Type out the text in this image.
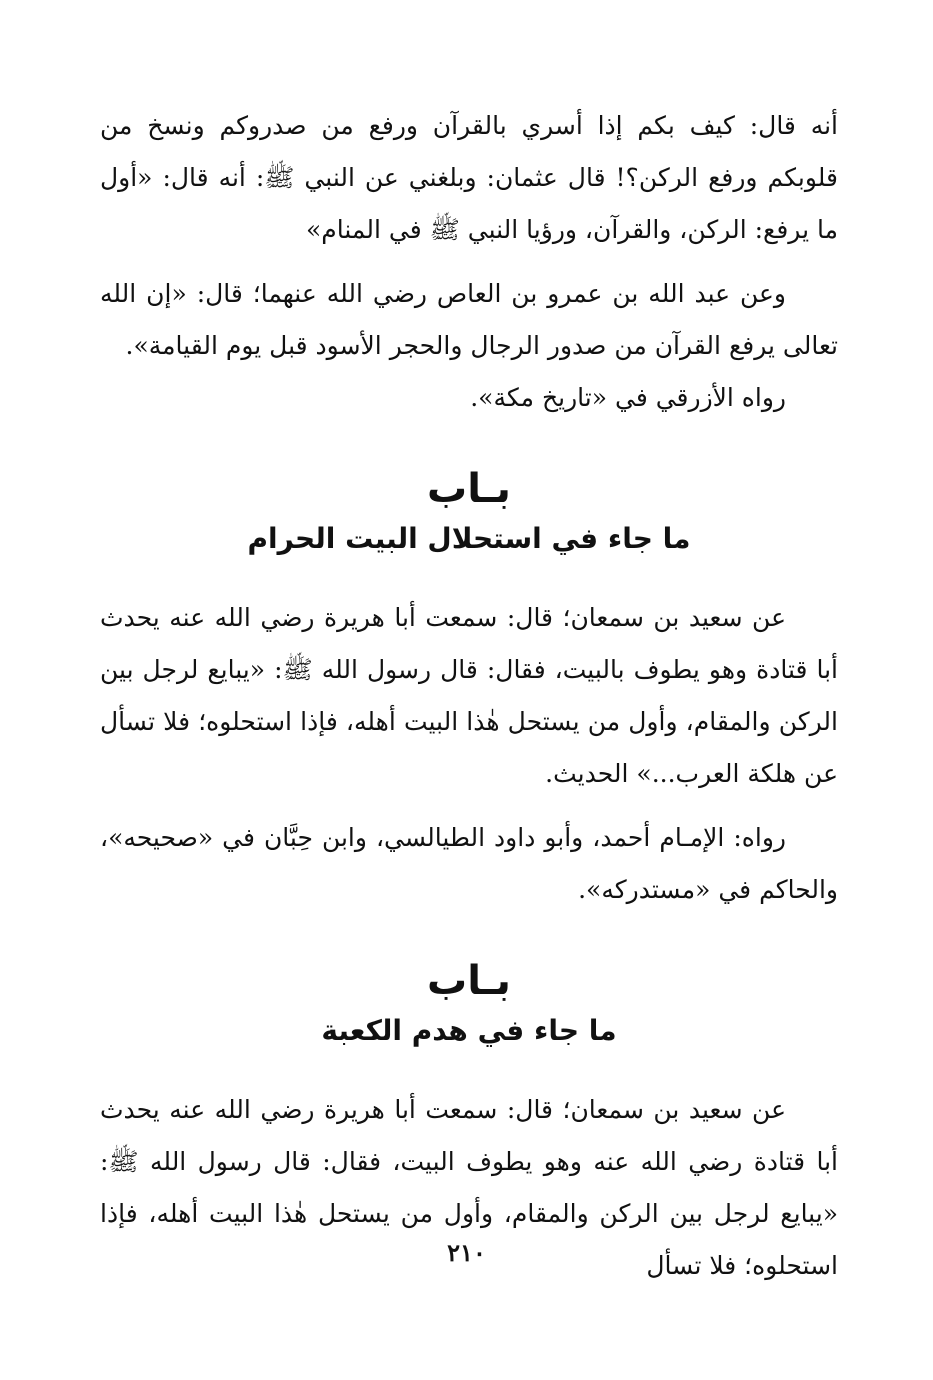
أنه قال: كيف بكم إذا أسري بالقرآن ورفع من صدروكم ونسخ من قلوبكم ورفع الركن؟! قال عثمان: وبلغني عن النبي ﷺ: أنه قال: «أول ما يرفع: الركن، والقرآن، ورؤيا النبي ﷺ في المنام»

وعن عبد الله بن عمرو بن العاص رضي الله عنهما؛ قال: «إن الله تعالى يرفع القرآن من صدور الرجال والحجر الأسود قبل يوم القيامة».

رواه الأزرقي في «تاريخ مكة».

بـاب
ما جاء في استحلال البيت الحرام

عن سعيد بن سمعان؛ قال: سمعت أبا هريرة رضي الله عنه يحدث أبا قتادة وهو يطوف بالبيت، فقال: قال رسول الله ﷺ: «يبايع لرجل بين الركن والمقام، وأول من يستحل هٰذا البيت أهله، فإذا استحلوه؛ فلا تسأل عن هلكة العرب...» الحديث.

رواه: الإمـام أحمد، وأبو داود الطيالسي، وابن حِبَّان في «صحيحه»، والحاكم في «مستدركه».

بـاب
ما جاء في هدم الكعبة

عن سعيد بن سمعان؛ قال: سمعت أبا هريرة رضي الله عنه يحدث أبا قتادة رضي الله عنه وهو يطوف البيت، فقال: قال رسول الله ﷺ: «يبايع لرجل بين الركن والمقام، وأول من يستحل هٰذا البيت أهله، فإذا استحلوه؛ فلا تسأل

٢١٠
